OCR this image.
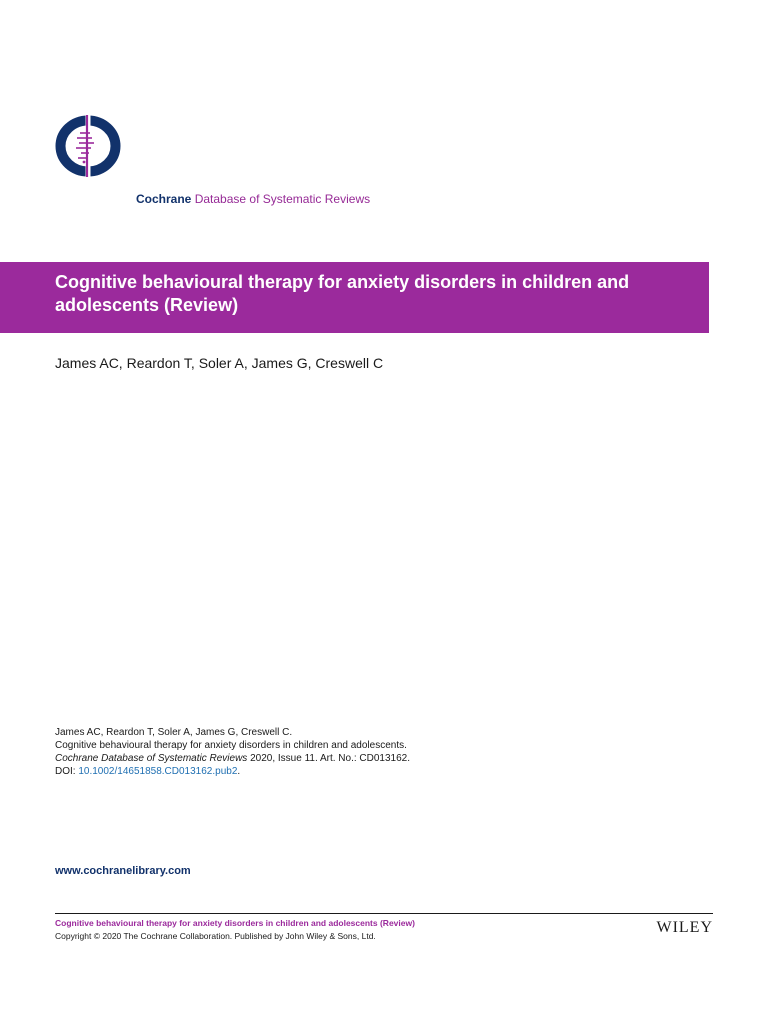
Cochrane Database of Systematic Reviews
Cognitive behavioural therapy for anxiety disorders in children and adolescents (Review)
James AC, Reardon T, Soler A, James G, Creswell C
James AC, Reardon T, Soler A, James G, Creswell C.
Cognitive behavioural therapy for anxiety disorders in children and adolescents.
Cochrane Database of Systematic Reviews 2020, Issue 11. Art. No.: CD013162.
DOI: 10.1002/14651858.CD013162.pub2.
www.cochranelibrary.com
Cognitive behavioural therapy for anxiety disorders in children and adolescents (Review)
Copyright © 2020 The Cochrane Collaboration. Published by John Wiley & Sons, Ltd.	WILEY
